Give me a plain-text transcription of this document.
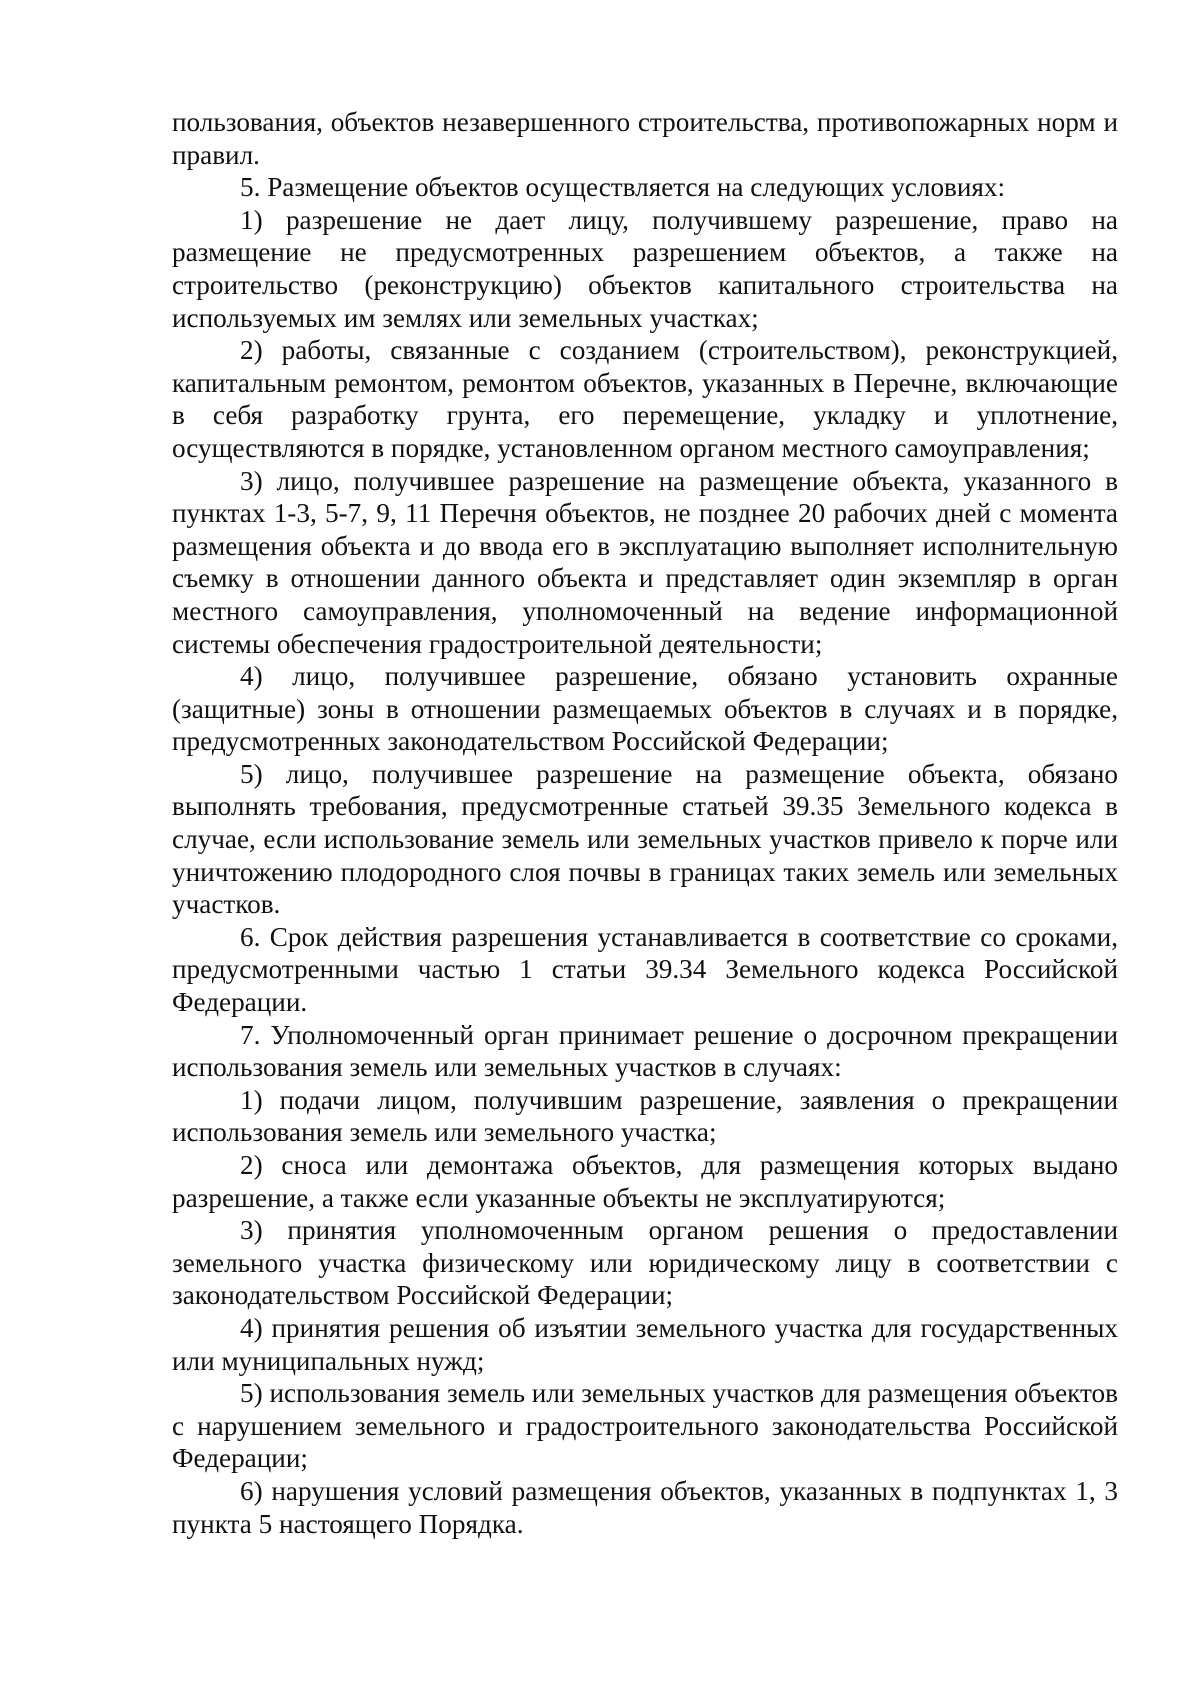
пользования, объектов незавершенного строительства, противопожарных норм и правил.

5. Размещение объектов осуществляется на следующих условиях:

1) разрешение не дает лицу, получившему разрешение, право на размещение не предусмотренных разрешением объектов, а также на строительство (реконструкцию) объектов капитального строительства на используемых им землях или земельных участках;

2) работы, связанные с созданием (строительством), реконструкцией, капитальным ремонтом, ремонтом объектов, указанных в Перечне, включающие в себя разработку грунта, его перемещение, укладку и уплотнение, осуществляются в порядке, установленном органом местного самоуправления;

3) лицо, получившее разрешение на размещение объекта, указанного в пунктах 1-3, 5-7, 9, 11 Перечня объектов, не позднее 20 рабочих дней с момента размещения объекта и до ввода его в эксплуатацию выполняет исполнительную съемку в отношении данного объекта и представляет один экземпляр в орган местного самоуправления, уполномоченный на ведение информационной системы обеспечения градостроительной деятельности;

4) лицо, получившее разрешение, обязано установить охранные (защитные) зоны в отношении размещаемых объектов в случаях и в порядке, предусмотренных законодательством Российской Федерации;

5) лицо, получившее разрешение на размещение объекта, обязано выполнять требования, предусмотренные статьей 39.35 Земельного кодекса в случае, если использование земель или земельных участков привело к порче или уничтожению плодородного слоя почвы в границах таких земель или земельных участков.

6. Срок действия разрешения устанавливается в соответствие со сроками, предусмотренными частью 1 статьи 39.34 Земельного кодекса Российской Федерации.

7. Уполномоченный орган принимает решение о досрочном прекращении использования земель или земельных участков в случаях:

1) подачи лицом, получившим разрешение, заявления о прекращении использования земель или земельного участка;

2) сноса или демонтажа объектов, для размещения которых выдано разрешение, а также если указанные объекты не эксплуатируются;

3) принятия уполномоченным органом решения о предоставлении земельного участка физическому или юридическому лицу в соответствии с законодательством Российской Федерации;

4) принятия решения об изъятии земельного участка для государственных или муниципальных нужд;

5) использования земель или земельных участков для размещения объектов с нарушением земельного и градостроительного законодательства Российской Федерации;

6) нарушения условий размещения объектов, указанных в подпунктах 1, 3 пункта 5 настоящего Порядка.
